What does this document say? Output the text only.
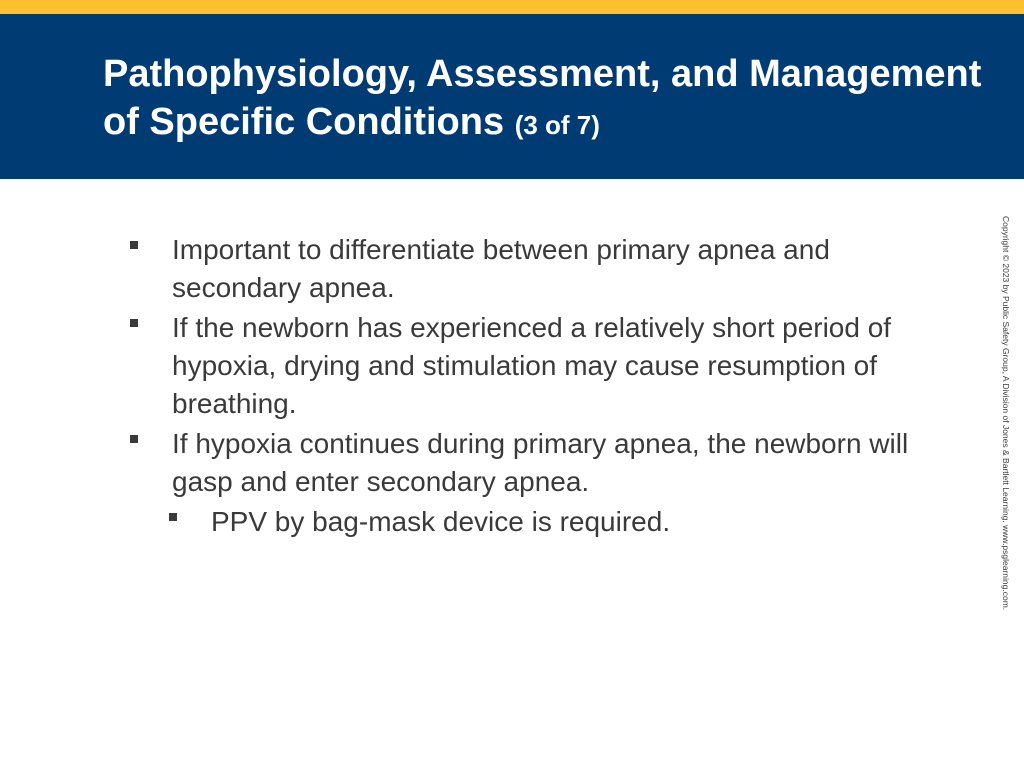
Pathophysiology, Assessment, and Management of Specific Conditions (3 of 7)
Important to differentiate between primary apnea and secondary apnea.
If the newborn has experienced a relatively short period of hypoxia, drying and stimulation may cause resumption of breathing.
If hypoxia continues during primary apnea, the newborn will gasp and enter secondary apnea.
PPV by bag-mask device is required.	Copyright © 2023 by Public Safety Group, A Division of Jones & Bartlett Learning. www.psglearning.com.
